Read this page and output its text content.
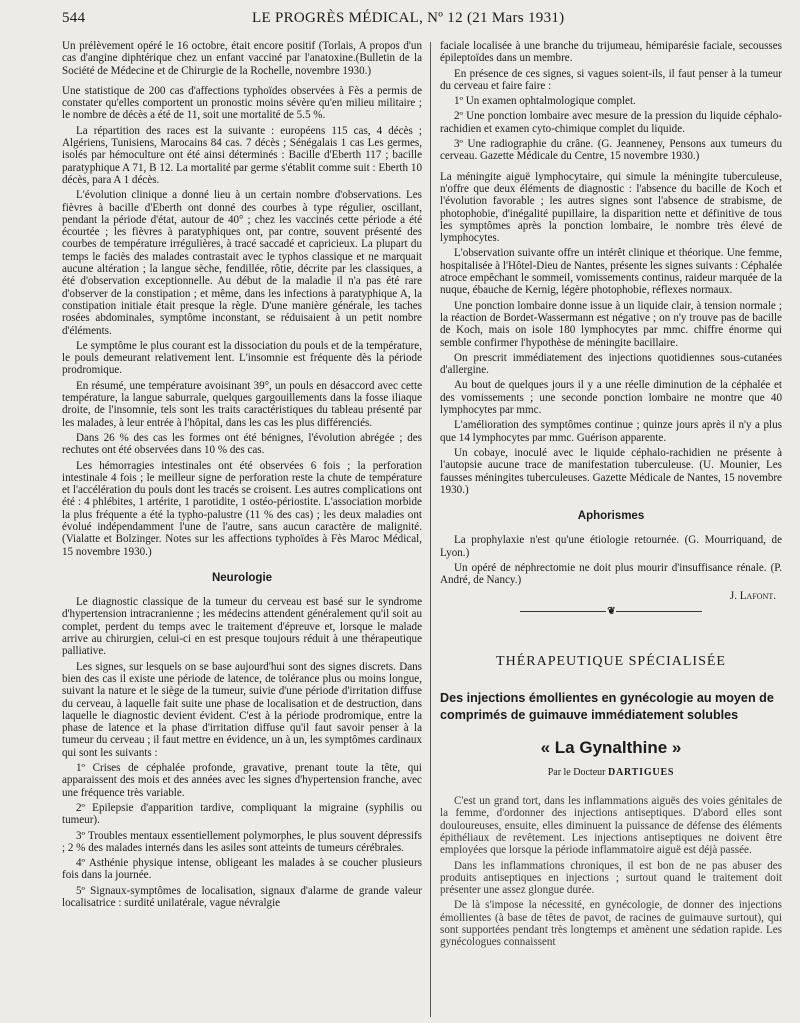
544	LE PROGRÈS MÉDICAL, Nº 12 (21 Mars 1931)

Un prélèvement opéré le 16 octobre, était encore positif (Torlais, A propos d'un cas d'angine diphtérique chez un enfant vacciné par l'anatoxine.(Bulletin de la Société de Médecine et de Chirurgie de la Rochelle, novembre 1930.)

Une statistique de 200 cas d'affections typhoïdes observées à Fès a permis de constater qu'elles comportent un pronostic moins sévère qu'en milieu militaire ; le nombre de décès a été de 11, soit une mortalité de 5.5 %.

La répartition des races est la suivante : européens 115 cas, 4 décès ; Algériens, Tunisiens, Marocains 84 cas. 7 décès ; Sénégalais 1 cas Les germes, isolés par hémoculture ont été ainsi déterminés : Bacille d'Eberth 117 ; bacille paratyphique A 71, B 12. La mortalité par germe s'établit comme suit : Eberth 10 décès, para A 1 décès.

L'évolution clinique a donné lieu à un certain nombre d'observations. Les fièvres à bacille d'Eberth ont donné des courbes à type régulier, oscillant, pendant la période d'état, autour de 40° ; chez les vaccinés cette période a été écourtée ; les fièvres à paratyphiques ont, par contre, souvent présenté des courbes de température irrégulières, à tracé saccadé et capricieux. La plupart du temps le faciès des malades contrastait avec le typhos classique et ne marquait aucune altération ; la langue sèche, fendillée, rôtie, décrite par les classiques, a été d'observation exceptionnelle. Au début de la maladie il n'a pas été rare d'observer de la constipation ; et même, dans les infections à paratyphique A, la constipation initiale était presque la règle. D'une manière générale, les taches rosées abdominales, symptôme inconstant, se réduisaient à un petit nombre d'éléments.

Le symptôme le plus courant est la dissociation du pouls et de la température, le pouls demeurant relativement lent. L'insomnie est fréquente dès la période prodromique.

En résumé, une température avoisinant 39°, un pouls en désaccord avec cette température, la langue saburrale, quelques gargouillements dans la fosse iliaque droite, de l'insomnie, tels sont les traits caractéristiques du tableau présenté par les malades, à leur entrée à l'hôpital, dans les cas les plus différenciés.

Dans 26 % des cas les formes ont été bénignes, l'évolution abrégée ; des rechutes ont été observées dans 10 % des cas.

Les hémorragies intestinales ont été observées 6 fois ; la perforation intestinale 4 fois ; le meilleur signe de perforation reste la chute de température et l'accélération du pouls dont les tracés se croisent. Les autres complications ont été : 4 phlébites, 1 artérite, 1 parotidite, 1 ostéo-périostite. L'association morbide la plus fréquente a été la typho-palustre (11 % des cas) ; les deux maladies ont évolué indépendamment l'une de l'autre, sans aucun caractère de malignité. (Vialatte et Bolzinger. Notes sur les affections typhoïdes à Fès Maroc Médical, 15 novembre 1930.)

Neurologie

Le diagnostic classique de la tumeur du cerveau est basé sur le syndrome d'hypertension intracranienne ; les médecins attendent généralement qu'il soit au complet, perdent du temps avec le traitement d'épreuve et, lorsque le malade arrive au chirurgien, celui-ci en est presque toujours réduit à une thérapeutique palliative.

Les signes, sur lesquels on se base aujourd'hui sont des signes discrets. Dans bien des cas il existe une période de latence, de tolérance plus ou moins longue, suivant la nature et le siège de la tumeur, suivie d'une période d'irritation diffuse du cerveau, à laquelle fait suite une phase de localisation et de destruction, dans laquelle le diagnostic devient évident. C'est à la période prodromique, entre la phase de latence et la phase d'irritation diffuse qu'il faut savoir penser à la tumeur du cerveau ; il faut mettre en évidence, un à un, les symptômes cardinaux qui sont les suivants :

1º Crises de céphalée profonde, gravative, prenant toute la tête, qui apparaissent des mois et des années avec les signes d'hypertension franche, avec une fréquence très variable.

2º Epilepsie d'apparition tardive, compliquant la migraine (syphilis ou tumeur).

3º Troubles mentaux essentiellement polymorphes, le plus souvent dépressifs ; 2 % des malades internés dans les asiles sont atteints de tumeurs cérébrales.

4º Asthénie physique intense, obligeant les malades à se coucher plusieurs fois dans la journée.

5º Signaux-symptômes de localisation, signaux d'alarme de grande valeur localisatrice : surdité unilatérale, vague névralgie

faciale localisée à une branche du trijumeau, hémiparésie faciale, secousses épileptoïdes dans un membre.

En présence de ces signes, si vagues soient-ils, il faut penser à la tumeur du cerveau et faire faire :

1º Un examen ophtalmologique complet.

2º Une ponction lombaire avec mesure de la pression du liquide céphalo-rachidien et examen cyto-chimique complet du liquide.

3º Une radiographie du crâne. (G. Jeanneney, Pensons aux tumeurs du cerveau. Gazette Médicale du Centre, 15 novembre 1930.)

La méningite aiguë lymphocytaire, qui simule la méningite tuberculeuse, n'offre que deux éléments de diagnostic : l'absence du bacille de Koch et l'évolution favorable ; les autres signes sont l'absence de strabisme, de photophobie, d'inégalité pupillaire, la disparition nette et définitive de tous les symptômes après la ponction lombaire, le nombre très élevé de lymphocytes.

L'observation suivante offre un intérêt clinique et théorique. Une femme, hospitalisée à l'Hôtel-Dieu de Nantes, présente les signes suivants : Céphalée atroce empêchant le sommeil, vomissements continus, raideur marquée de la nuque, ébauche de Kernig, légère photophobie, réflexes normaux.

Une ponction lombaire donne issue à un liquide clair, à tension normale ; la réaction de Bordet-Wassermann est négative ; on n'y trouve pas de bacille de Koch, mais on isole 180 lymphocytes par mmc. chiffre énorme qui semble confirmer l'hypothèse de méningite bacillaire.

On prescrit immédiatement des injections quotidiennes sous-cutanées d'allergine.

Au bout de quelques jours il y a une réelle diminution de la céphalée et des vomissements ; une seconde ponction lombaire ne montre que 40 lymphocytes par mmc.

L'amélioration des symptômes continue ; quinze jours après il n'y a plus que 14 lymphocytes par mmc. Guérison apparente.

Un cobaye, inoculé avec le liquide céphalo-rachidien ne présente à l'autopsie aucune trace de manifestation tuberculeuse. (U. Mounier, Les fausses méningites tuberculeuses. Gazette Médicale de Nantes, 15 novembre 1930.)

Aphorismes

La prophylaxie n'est qu'une étiologie retournée. (G. Mourriquand, de Lyon.)

Un opéré de néphrectomie ne doit plus mourir d'insuffisance rénale. (P. André, de Nancy.)

J. Lafont.
❦
THÉRAPEUTIQUE SPÉCIALISÉE
Des injections émollientes en gynécologie au moyen de comprimés de guimauve immédiatement solubles
« La Gynalthine »
Par le Docteur DARTIGUES

C'est un grand tort, dans les inflammations aiguës des voies génitales de la femme, d'ordonner des injections antiseptiques. D'abord elles sont douloureuses, ensuite, elles diminuent la puissance de défense des éléments épithéliaux de revêtement. Les injections antiseptiques ne doivent être employées que lorsque la période inflammatoire aiguë est déjà passée.

Dans les inflammations chroniques, il est bon de ne pas abuser des produits antiseptiques en injections ; surtout quand le traitement doit présenter une assez glongue durée.

De là s'impose la nécessité, en gynécologie, de donner des injections émollientes (à base de têtes de pavot, de racines de guimauve surtout), qui sont supportées pendant très longtemps et amènent une sédation rapide. Les gynécologues connaissent
